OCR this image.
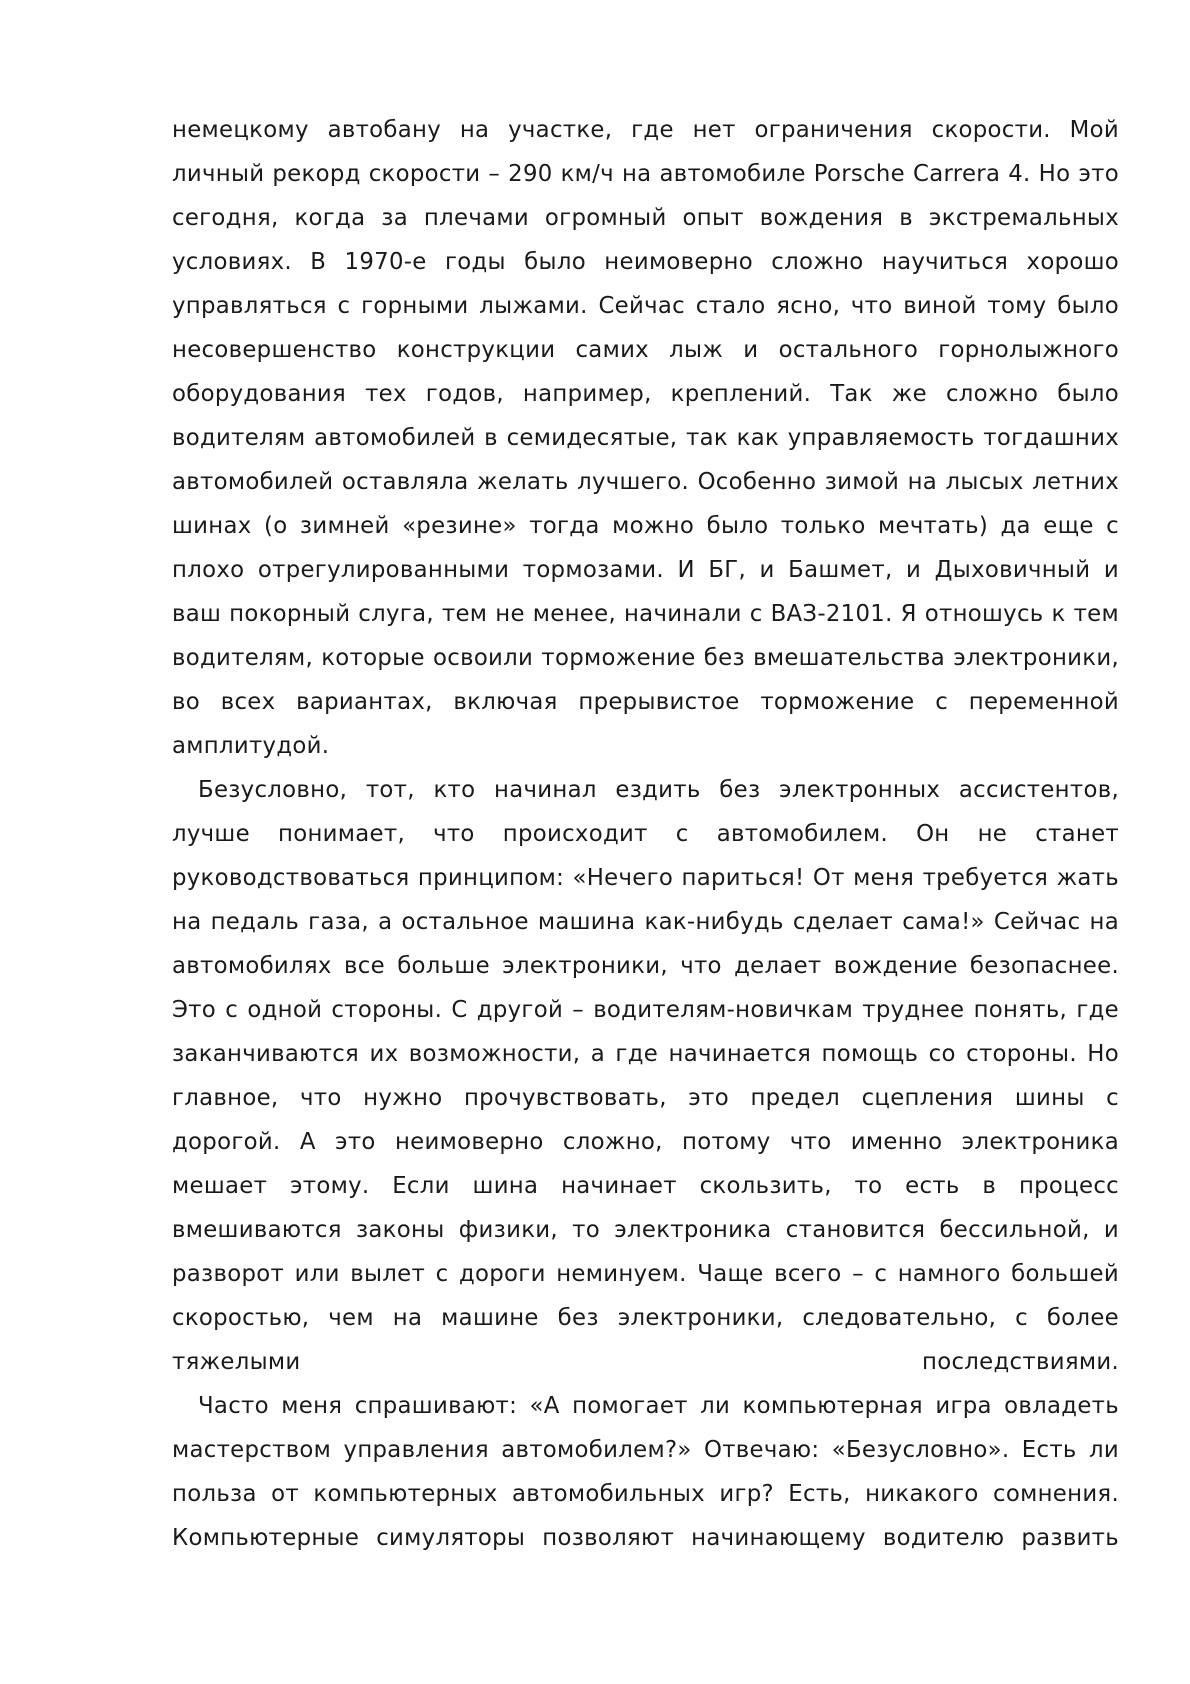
немецкому автобану на участке, где нет ограничения скорости. Мой личный рекорд скорости – 290 км/ч на автомобиле Porsche Carrera 4. Но это сегодня, когда за плечами огромный опыт вождения в экстремальных условиях. В 1970-е годы было неимоверно сложно научиться хорошо управляться с горными лыжами. Сейчас стало ясно, что виной тому было несовершенство конструкции самих лыж и остального горнолыжного оборудования тех годов, например, креплений. Так же сложно было водителям автомобилей в семидесятые, так как управляемость тогдашних автомобилей оставляла желать лучшего. Особенно зимой на лысых летних шинах (о зимней «резине» тогда можно было только мечтать) да еще с плохо отрегулированными тормозами. И БГ, и Башмет, и Дыховичный и ваш покорный слуга, тем не менее, начинали с ВАЗ-2101. Я отношусь к тем водителям, которые освоили торможение без вмешательства электроники, во всех вариантах, включая прерывистое торможение с переменной амплитудой.

Безусловно, тот, кто начинал ездить без электронных ассистентов, лучше понимает, что происходит с автомобилем. Он не станет руководствоваться принципом: «Нечего париться! От меня требуется жать на педаль газа, а остальное машина как-нибудь сделает сама!» Сейчас на автомобилях все больше электроники, что делает вождение безопаснее. Это с одной стороны. С другой – водителям-новичкам труднее понять, где заканчиваются их возможности, а где начинается помощь со стороны. Но главное, что нужно прочувствовать, это предел сцепления шины с дорогой. А это неимоверно сложно, потому что именно электроника мешает этому. Если шина начинает скользить, то есть в процесс вмешиваются законы физики, то электроника становится бессильной, и разворот или вылет с дороги неминуем. Чаще всего – с намного большей скоростью, чем на машине без электроники, следовательно, с более тяжелыми последствиями.

Часто меня спрашивают: «А помогает ли компьютерная игра овладеть мастерством управления автомобилем?» Отвечаю: «Безусловно». Есть ли польза от компьютерных автомобильных игр? Есть, никакого сомнения. Компьютерные симуляторы позволяют начинающему водителю развить
